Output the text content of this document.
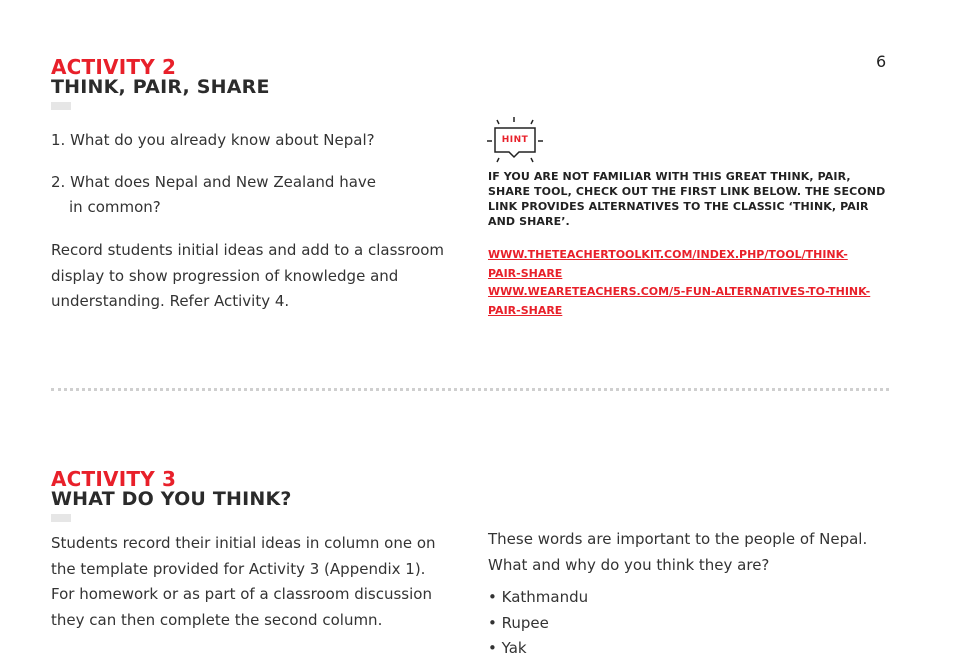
6
ACTIVITY 2
THINK, PAIR, SHARE
1. What do you already know about Nepal?
2. What does Nepal and New Zealand have
in common?
Record students initial ideas and add to a classroom
display to show progression of knowledge and
understanding. Refer Activity 4.
HINT
IF YOU ARE NOT FAMILIAR WITH THIS GREAT THINK, PAIR,
SHARE TOOL, CHECK OUT THE FIRST LINK BELOW. THE SECOND
LINK PROVIDES ALTERNATIVES TO THE CLASSIC ‘THINK, PAIR
AND SHARE’.
WWW.THETEACHERTOOLKIT.COM/INDEX.PHP/TOOL/THINK-
PAIR-SHARE
WWW.WEARETEACHERS.COM/5-FUN-ALTERNATIVES-TO-THINK-
PAIR-SHARE
ACTIVITY 3
WHAT DO YOU THINK?
Students record their initial ideas in column one on
the template provided for Activity 3 (Appendix 1).
For homework or as part of a classroom discussion
they can then complete the second column.
These words are important to the people of Nepal.
What and why do you think they are?
• Kathmandu
• Rupee
• Yak
